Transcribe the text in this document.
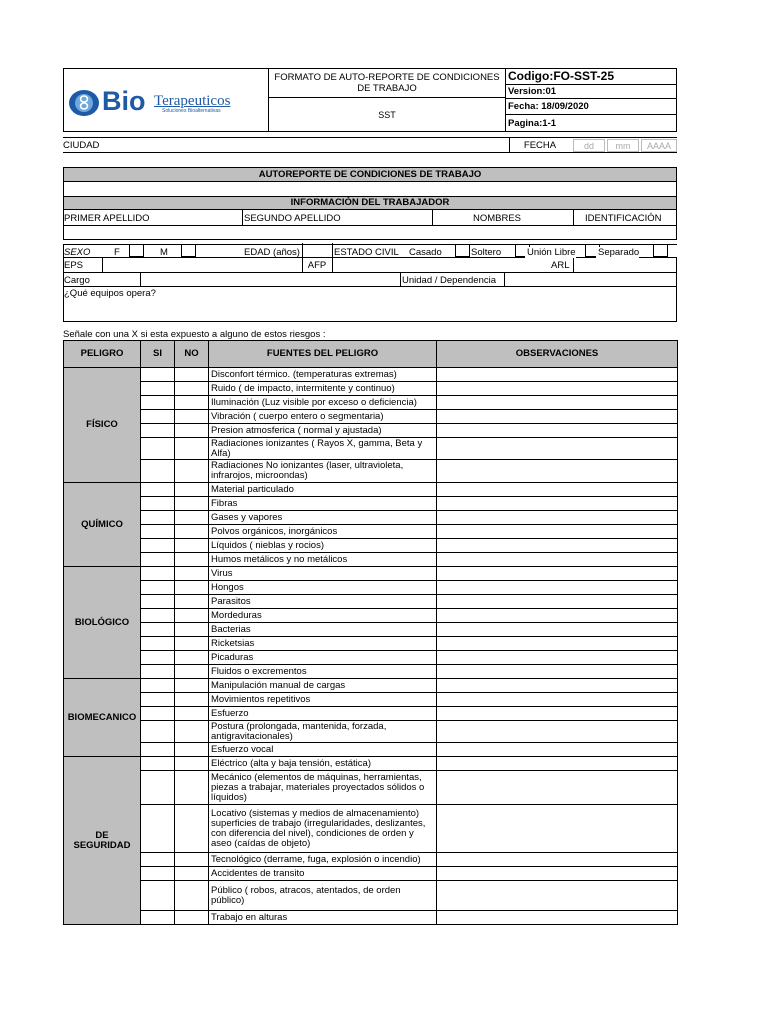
Bio Terapeuticos
Soluciones Bioalternativas
FORMATO DE AUTO-REPORTE DE CONDICIONES DE TRABAJO
SST
Codigo:FO-SST-25
Version:01
Fecha: 18/09/2020
Pagina:1-1
CIUDAD	FECHA	dd	mm	AAAA
AUTOREPORTE DE CONDICIONES DE TRABAJO
INFORMACIÓN DEL TRABAJADOR
PRIMER APELLIDO	SEGUNDO APELLIDO	NOMBRES	IDENTIFICACIÓN
SEXO F	M	EDAD (años)	ESTADO CIVIL Casado	Soltero	Unión Libre Separado
EPS	AFP	ARL
Cargo	Unidad / Dependencia
¿Qué equipos opera?
Señale con una X si esta expuesto a alguno de estos riesgos :
PELIGRO	SI	NO	FUENTES DEL PELIGRO	OBSERVACIONES
FÍSICO			Disconfort térmico. (temperaturas extremas)	
			Ruido ( de impacto, intermitente y continuo)	
			Iluminación (Luz visible por exceso o deficiencia)	
			Vibración ( cuerpo entero o segmentaria)	
			Presion atmosferica ( normal y ajustada)	
			Radiaciones ionizantes ( Rayos X, gamma, Beta y Alfa)	
			Radiaciones No ionizantes (laser, ultravioleta, infrarojos, microondas)	
QUÍMICO			Material particulado	
			Fibras	
			Gases y vapores	
			Polvos orgánicos, inorgánicos	
			Líquidos ( nieblas y rocios)	
			Humos metálicos y no metálicos	
BIOLÓGICO			Virus	
			Hongos	
			Parasitos	
			Mordeduras	
			Bacterias	
			Ricketsias	
			Picaduras	
			Fluidos o excrementos	
BIOMECANICO			Manipulación manual de cargas	
			Movimientos repetitivos	
			Esfuerzo	
			Postura (prolongada, mantenida, forzada, antigravitacionales)	
			Esfuerzo vocal	
DE SEGURIDAD			Eléctrico (alta y baja tensión, estática)	
			Mecánico (elementos de máquinas, herramientas, piezas a trabajar, materiales proyectados sólidos o líquidos)	
			Locativo (sistemas y medios de almacenamiento) superficies de trabajo (irregularidades, deslizantes, con diferencia del nivel), condiciones de orden y aseo (caídas de objeto)	
			Tecnológico (derrame, fuga, explosión o incendio)	
			Accidentes de transito	
			Público ( robos, atracos, atentados, de orden público)	
			Trabajo en alturas	
